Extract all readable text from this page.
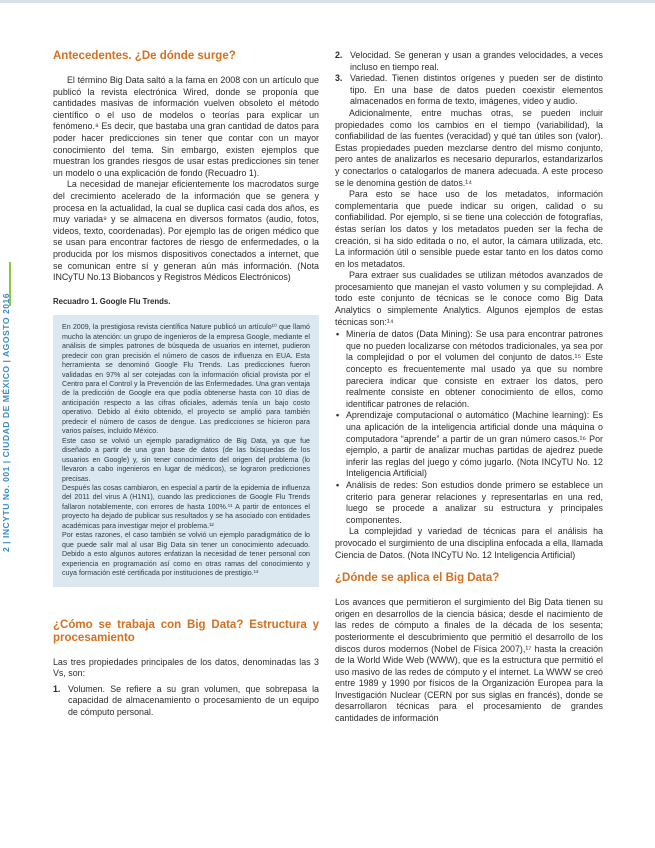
2 | INCYTU No. 001 | CIUDAD DE MÉXICO | AGOSTO 2016
Antecedentes. ¿De dónde surge?

El término Big Data saltó a la fama en 2008 con un artículo que publicó la revista electrónica Wired, donde se proponía que cantidades masivas de información vuelven obsoleto el método científico o el uso de modelos o teorías para explicar un fenómeno.⁸ Es decir, que bastaba una gran cantidad de datos para poder hacer predicciones sin tener que contar con un mayor conocimiento del tema. Sin embargo, existen ejemplos que muestran los grandes riesgos de usar estas predicciones sin tener un modelo o una explicación de fondo (Recuadro 1).

La necesidad de manejar eficientemente los macrodatos surge del crecimiento acelerado de la información que se genera y procesa en la actualidad, la cual se duplica casi cada dos años, es muy variada⁹ y se almacena en diversos formatos (audio, fotos, videos, texto, coordenadas). Por ejemplo las de origen médico que se usan para encontrar factores de riesgo de enfermedades, o la producida por los mismos dispositivos conectados a internet, que se comunican entre sí y generan aún más información. (Nota INCyTU No.13 Biobancos y Registros Médicos Electrónicos)

Recuadro 1. Google Flu Trends.

En 2009, la prestigiosa revista científica Nature publicó un artículo¹⁰ que llamó mucho la atención: un grupo de ingenieros de la empresa Google, mediante el análisis de simples patrones de búsqueda de usuarios en internet, pudieron predecir con gran precisión el número de casos de influenza en EUA. Esta herramienta se denominó Google Flu Trends. Las predicciones fueron validadas en 97% al ser cotejadas con la información oficial provista por el Centro para el Control y la Prevención de las Enfermedades. Una gran ventaja de la predicción de Google era que podía obtenerse hasta con 10 días de anticipación respecto a las cifras oficiales, además tenía un bajo costo operativo. Debido al éxito obtenido, el proyecto se amplió para también predecir el número de casos de dengue. Las predicciones se hicieron para varios países, incluido México.

Este caso se volvió un ejemplo paradigmático de Big Data, ya que fue diseñado a partir de una gran base de datos (de las búsquedas de los usuarios en Google) y, sin tener conocimiento del origen del problema (lo llevaron a cabo ingenieros en lugar de médicos), se lograron predicciones precisas.

Después las cosas cambiaron, en especial a partir de la epidemia de influenza del 2011 del virus A (H1N1), cuando las predicciones de Google Flu Trends fallaron notablemente, con errores de hasta 100%.¹¹ A partir de entonces el proyecto ha dejado de publicar sus resultados y se ha asociado con entidades académicas para investigar mejor el problema.¹²

Por estas razones, el caso también se volvió un ejemplo paradigmático de lo que puede salir mal al usar Big Data sin tener un conocimiento adecuado. Debido a esto algunos autores enfatizan la necesidad de tener personal con experiencia en programación así como en otras ramas del conocimiento y cuya formación esté certificada por instituciones de prestigio.¹³

¿Cómo se trabaja con Big Data? Estructura y procesamiento

Las tres propiedades principales de los datos, denominadas las 3 Vs, son:

1. Volumen. Se refiere a su gran volumen, que sobrepasa la capacidad de almacenamiento o procesamiento de un equipo de cómputo personal.
2. Velocidad. Se generan y usan a grandes velocidades, a veces incluso en tiempo real.
3. Variedad. Tienen distintos orígenes y pueden ser de distinto tipo. En una base de datos pueden coexistir elementos almacenados en forma de texto, imágenes, video y audio.

Adicionalmente, entre muchas otras, se pueden incluir propiedades como los cambios en el tiempo (variabilidad), la confiabilidad de las fuentes (veracidad) y qué tan útiles son (valor). Estas propiedades pueden mezclarse dentro del mismo conjunto, pero antes de analizarlos es necesario depurarlos, estandarizarlos y conectarlos o catalogarlos de manera adecuada. A este proceso se le denomina gestión de datos.¹⁴

Para esto se hace uso de los metadatos, información complementaria que puede indicar su origen, calidad o su confiabilidad. Por ejemplo, si se tiene una colección de fotografías, éstas serían los datos y los metadatos pueden ser la fecha de creación, si ha sido editada o no, el autor, la cámara utilizada, etc. La información útil o sensible puede estar tanto en los datos como en los metadatos.

Para extraer sus cualidades se utilizan métodos avanzados de procesamiento que manejan el vasto volumen y su complejidad. A todo este conjunto de técnicas se le conoce como Big Data Analytics o simplemente Analytics. Algunos ejemplos de estas técnicas son:¹⁴

• Minería de datos (Data Mining): Se usa para encontrar patrones que no pueden localizarse con métodos tradicionales, ya sea por la complejidad o por el volumen del conjunto de datos.¹⁵ Este concepto es frecuentemente mal usado ya que su nombre pareciera indicar que consiste en extraer los datos, pero realmente consiste en obtener conocimiento de ellos, como identificar patrones de relación.
• Aprendizaje computacional o automático (Machine learning): Es una aplicación de la inteligencia artificial donde una máquina o computadora “aprende” a partir de un gran número casos.¹⁶ Por ejemplo, a partir de analizar muchas partidas de ajedrez puede inferir las reglas del juego y cómo jugarlo. (Nota INCyTU No. 12 Inteligencia Artificial)
• Análisis de redes: Son estudios donde primero se establece un criterio para generar relaciones y representarlas en una red, luego se procede a analizar su estructura y principales componentes.

La complejidad y variedad de técnicas para el análisis ha provocado el surgimiento de una disciplina enfocada a ella, llamada Ciencia de Datos. (Nota INCyTU No. 12 Inteligencia Artificial)

¿Dónde se aplica el Big Data?

Los avances que permitieron el surgimiento del Big Data tienen su origen en desarrollos de la ciencia básica; desde el nacimiento de las redes de cómputo a finales de la década de los sesenta; posteriormente el descubrimiento que permitió el desarrollo de los discos duros modernos (Nobel de Física 2007),¹⁷ hasta la creación de la World Wide Web (WWW), que es la estructura que permitió el uso masivo de las redes de cómputo y el internet. La WWW se creó entre 1989 y 1990 por físicos de la Organización Europea para la Investigación Nuclear (CERN por sus siglas en francés), donde se desarrollaron técnicas para el procesamiento de grandes cantidades de información
